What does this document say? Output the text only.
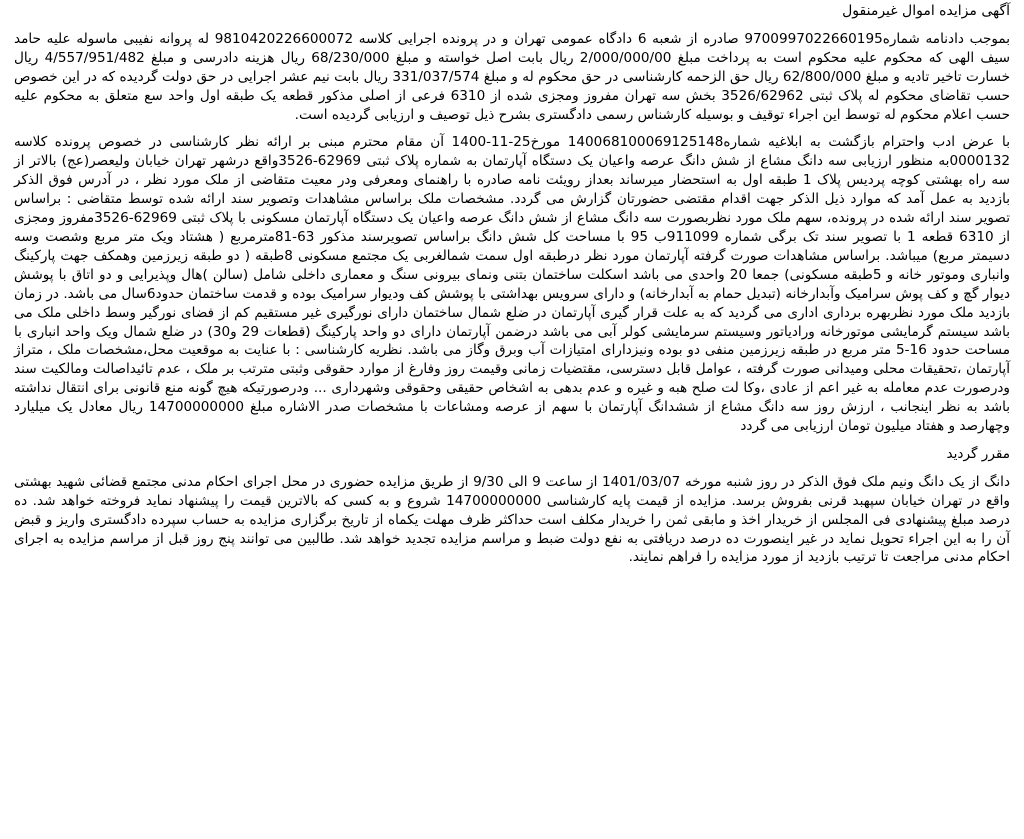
آگهی مزایده اموال غیرمنقول
بموجب دادنامه شماره9700997022660195 صادره از شعبه 6 دادگاه عمومی تهران و در پرونده اجرایی کلاسه 9810420226600072 له پروانه نفیبی ماسوله علیه حامد سیف الهی که محکوم علیه محکوم است به پرداخت مبلغ 2/000/000/00 ریال بابت اصل خواسته و مبلغ 68/230/000 ریال هزینه دادرسی و مبلغ 4/557/951/482 ریال خسارت تاخیر تادیه و مبلغ 62/800/000 ریال حق الزحمه کارشناسی در حق محکوم له و مبلغ 331/037/574 ریال بابت نیم عشر اجرایی در حق دولت گردیده که در این خصوص حسب تقاضای محکوم له پلاک ثبتی 3526/62962 بخش سه تهران مفروز ومجزی شده از 6310 فرعی از اصلی مذکور قطعه یک طبقه اول واحد سع متعلق به محکوم علیه حسب اعلام محکوم له توسط این اجراء توقیف و بوسیله کارشناس رسمی دادگستری بشرح ذیل توصیف و ارزیابی گردیده است.
با عرض ادب واحترام بازگشت به ابلاغیه شماره140068100069125148 مورخ25-11-1400 آن مقام محترم مبنی بر ارائه نظر کارشناسی در خصوص پرونده کلاسه 0000132به منظور ارزیابی سه دانگ مشاع از شش دانگ عرصه واعیان یک دستگاه آپارتمان به شماره پلاک ثبتی 62969-3526واقع درشهر تهران خیابان ولیعصر(عج) بالاتر از سه راه بهشتی کوچه پردیس پلاک 1 طبقه اول به استحضار میرساند بعداز رویئت نامه صادره با راهنمای ومعرفی ودر معیت متقاضی از ملک مورد نظر ، در آدرس فوق الذکر بازدید به عمل آمد که موارد ذیل الذکر جهت اقدام مقتضی حضورتان گزارش می گردد. مشخصات ملک براساس مشاهدات وتصویر سند ارائه شده توسط متقاضی : براساس تصویر سند ارائه شده در پرونده، سهم ملک مورد نظربصورت سه دانگ مشاع از شش دانگ عرصه واعیان یک دستگاه آپارتمان مسکونی با پلاک ثبتی 62969-3526مفروز ومجزی از 6310 قطعه 1 با تصویر سند تک برگی شماره 911099ب 95 با مساحت کل شش دانگ براساس تصویرسند مذکور 63-81مترمربع ( هشتاد ویک متر مربع وشصت وسه دسیمتر مربع) میباشد. براساس مشاهدات صورت گرفته آپارتمان مورد نظر درطبقه اول سمت شمالغربی یک مجتمع مسکونی 8طبقه ( دو طبقه زیرزمین وهمکف جهت پارکینگ وانباری وموتور خانه و 5طبقه مسکونی) جمعا 20 واحدی می باشد اسکلت ساختمان بتنی ونمای بیرونی سنگ و معماری داخلی شامل (سالن )هال وپذیرایی و دو اتاق با پوشش دیوار گچ و کف پوش سرامیک وآبدارخانه (تبدیل حمام به آبدارخانه) و دارای سرویس بهداشتی با پوشش کف ودیوار سرامیک بوده و قدمت ساختمان حدود6سال می باشد. در زمان بازدید ملک مورد نظربهره برداری اداری می گردید که به علت قرار گیری آپارتمان در ضلع شمال ساختمان دارای نورگیری غیر مستقیم کم از فضای نورگیر وسط داخلی ملک می باشد سیستم گرمایشی موتورخانه ورادیاتور وسیستم سرمایشی کولر آبی می باشد درضمن آپارتمان دارای دو واحد پارکینگ (قطعات 29 و30) در ضلع شمال ویک واحد انباری با مساحت حدود 16-5 متر مربع در طبقه زیرزمین منفی دو بوده ونیزدارای امتیازات آب وبرق وگاز می باشد. نظریه کارشناسی : با عنایت به موقعیت محل،مشخصات ملک ، متراژ آپارتمان ،تحقیقات محلی ومیدانی صورت گرفته ، عوامل قابل دسترسی، مقتضیات زمانی وقیمت روز وفارغ از موارد حقوقی وثبتی مترتب بر ملک ، عدم تائیداصالت ومالکیت سند ودرصورت عدم معامله به غیر اعم از عادی ،وکا لت صلح هبه و غیره و عدم بدهی به اشخاص حقیقی وحقوقی وشهرداری ... ودرصورتیکه هیچ گونه منع قانونی برای انتقال نداشته باشد به نظر اینجانب ، ارزش روز سه دانگ مشاع از ششدانگ آپارتمان با سهم از عرصه ومشاعات با مشخصات صدر الاشاره مبلغ 14700000000 ریال معادل یک میلیارد وچهارصد و هفتاد میلیون تومان ارزیابی می گردد
مقرر گردید
دانگ از یک دانگ ونیم ملک فوق الذکر در روز شنبه مورخه 1401/03/07 از ساعت 9 الی 9/30 از طریق مزایده حضوری در محل اجرای احکام مدنی مجتمع قضائی شهید بهشتی واقع در تهران خیابان سپهبد قرنی بفروش برسد. مزایده از قیمت پایه کارشناسی 14700000000 شروع و به کسی که بالاترین قیمت را پیشنهاد نماید فروخته خواهد شد. ده درصد مبلغ پیشنهادی فی المجلس از خریدار اخذ و مابقی ثمن را خریدار مکلف است حداکثر ظرف مهلت یکماه از تاریخ برگزاری مزایده به حساب سپرده دادگستری واریز و قبض آن را به این اجراء تحویل نماید در غیر اینصورت ده درصد دریافتی به نفع دولت ضبط و مراسم مزایده تجدید خواهد شد. طالبین می توانند پنج روز قبل از مراسم مزایده به اجرای احکام مدنی مراجعت تا ترتیب بازدید از مورد مزایده را فراهم نمایند.
